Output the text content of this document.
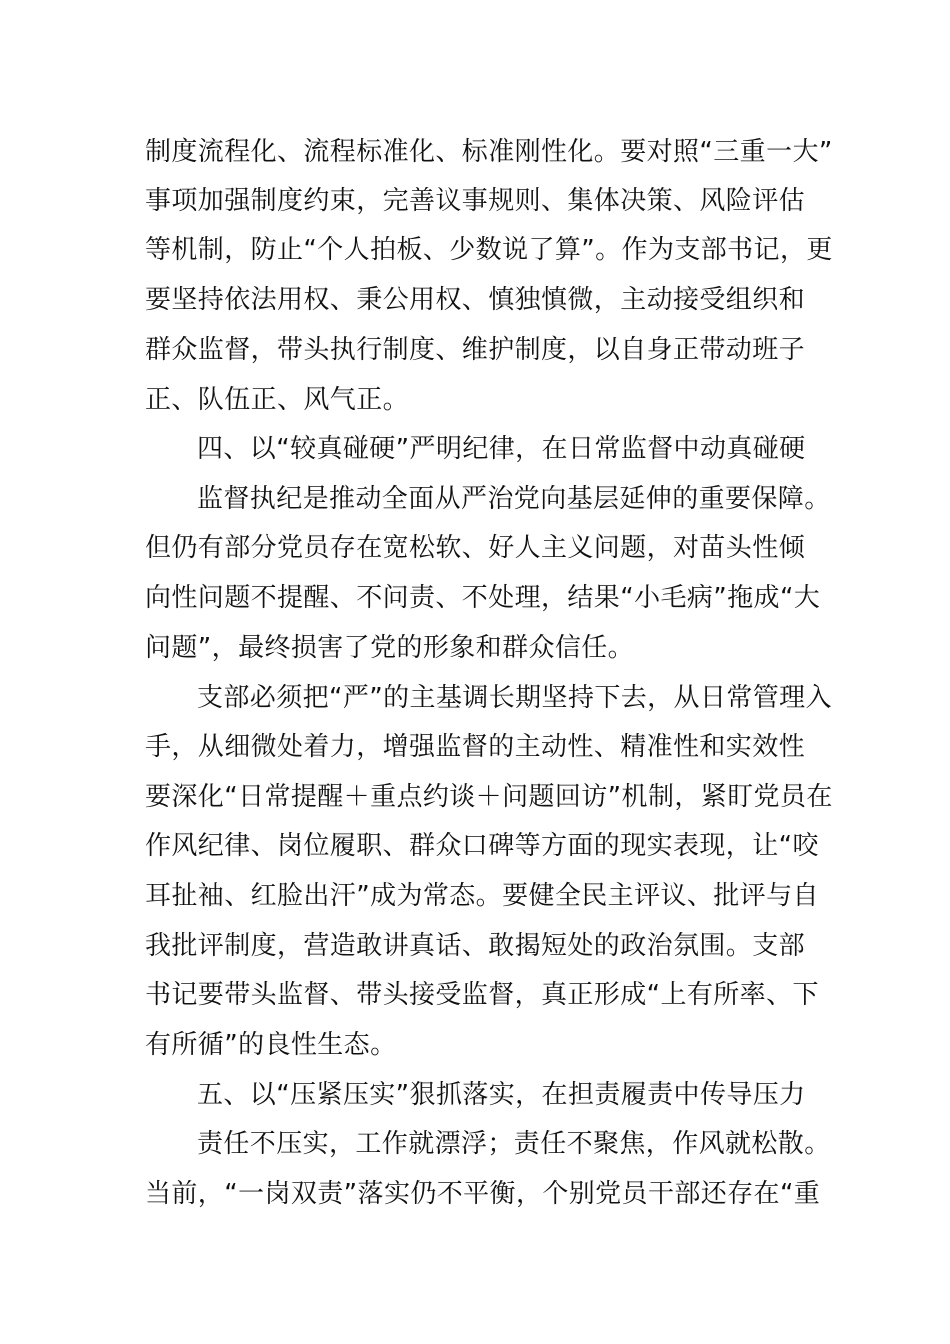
制度流程化、流程标准化、标准刚性化。要对照“三重一大”
事项加强制度约束，完善议事规则、集体决策、风险评估
等机制，防止“个人拍板、少数说了算”。作为支部书记，更
要坚持依法用权、秉公用权、慎独慎微，主动接受组织和
群众监督，带头执行制度、维护制度，以自身正带动班子
正、队伍正、风气正。
四、以“较真碰硬”严明纪律，在日常监督中动真碰硬
监督执纪是推动全面从严治党向基层延伸的重要保障。
但仍有部分党员存在宽松软、好人主义问题，对苗头性倾
向性问题不提醒、不问责、不处理，结果“小毛病”拖成“大
问题”，最终损害了党的形象和群众信任。
支部必须把“严”的主基调长期坚持下去，从日常管理入
手，从细微处着力，增强监督的主动性、精准性和实效性
要深化“日常提醒＋重点约谈＋问题回访”机制，紧盯党员在
作风纪律、岗位履职、群众口碑等方面的现实表现，让“咬
耳扯袖、红脸出汗”成为常态。要健全民主评议、批评与自
我批评制度，营造敢讲真话、敢揭短处的政治氛围。支部
书记要带头监督、带头接受监督，真正形成“上有所率、下
有所循”的良性生态。
五、以“压紧压实”狠抓落实，在担责履责中传导压力
责任不压实，工作就漂浮；责任不聚焦，作风就松散。
当前，“一岗双责”落实仍不平衡，个别党员干部还存在“重
